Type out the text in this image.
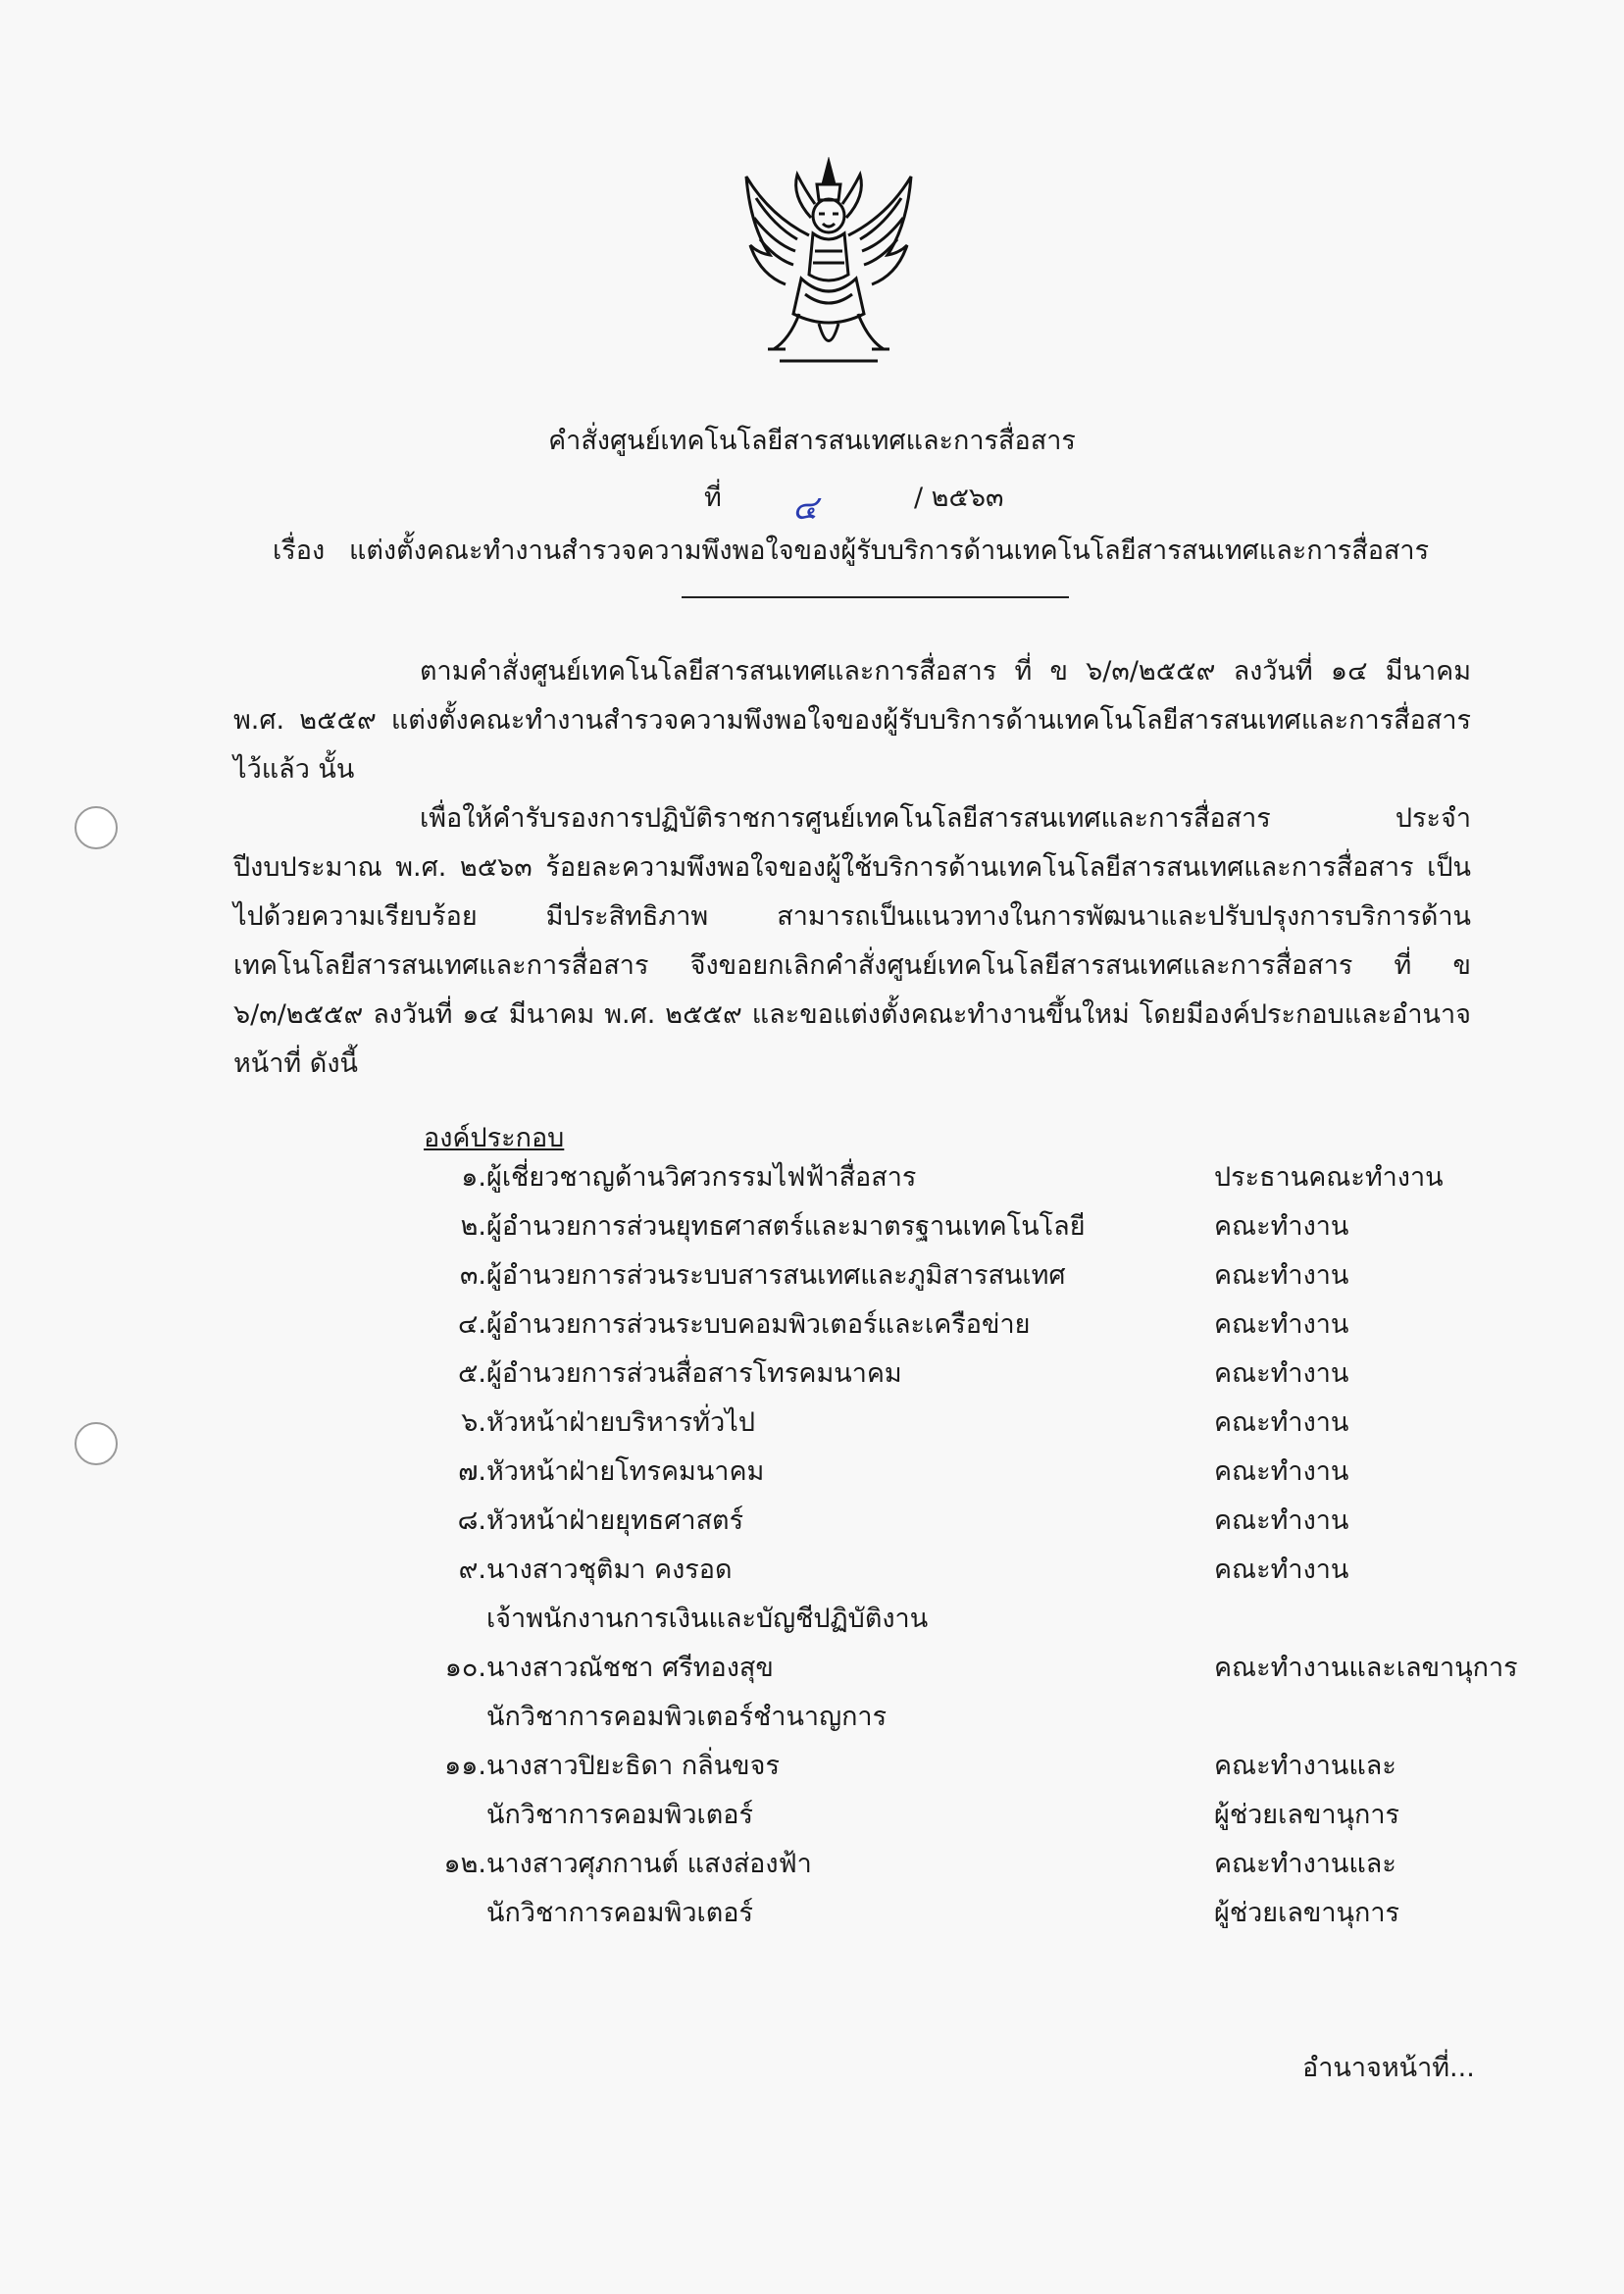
คำสั่งศูนย์เทคโนโลยีสารสนเทศและการสื่อสาร
ที่ ๔	/ ๒๕๖๓
เรื่อง แต่งตั้งคณะทำงานสำรวจความพึงพอใจของผู้รับบริการด้านเทคโนโลยีสารสนเทศและการสื่อสาร

ตามคำสั่งศูนย์เทคโนโลยีสารสนเทศและการสื่อสาร ที่ ข ๖/๓/๒๕๕๙ ลงวันที่ ๑๔ มีนาคม พ.ศ. ๒๕๕๙ แต่งตั้งคณะทำงานสำรวจความพึงพอใจของผู้รับบริการด้านเทคโนโลยีสารสนเทศและการสื่อสาร ไว้แล้ว นั้น

เพื่อให้คำรับรองการปฏิบัติราชการศูนย์เทคโนโลยีสารสนเทศและการสื่อสาร ประจำปีงบประมาณ พ.ศ. ๒๕๖๓ ร้อยละความพึงพอใจของผู้ใช้บริการด้านเทคโนโลยีสารสนเทศและการสื่อสาร เป็นไปด้วยความเรียบร้อย มีประสิทธิภาพ สามารถเป็นแนวทางในการพัฒนาและปรับปรุงการบริการด้านเทคโนโลยีสารสนเทศและการสื่อสาร จึงขอยกเลิกคำสั่งศูนย์เทคโนโลยีสารสนเทศและการสื่อสาร ที่ ข ๖/๓/๒๕๕๙ ลงวันที่ ๑๔ มีนาคม พ.ศ. ๒๕๕๙ และขอแต่งตั้งคณะทำงานขึ้นใหม่ โดยมีองค์ประกอบและอำนาจหน้าที่ ดังนี้

องค์ประกอบ
๑. ผู้เชี่ยวชาญด้านวิศวกรรมไฟฟ้าสื่อสาร	ประธานคณะทำงาน
๒. ผู้อำนวยการส่วนยุทธศาสตร์และมาตรฐานเทคโนโลยี	คณะทำงาน
๓. ผู้อำนวยการส่วนระบบสารสนเทศและภูมิสารสนเทศ	คณะทำงาน
๔. ผู้อำนวยการส่วนระบบคอมพิวเตอร์และเครือข่าย	คณะทำงาน
๕. ผู้อำนวยการส่วนสื่อสารโทรคมนาคม	คณะทำงาน
๖. หัวหน้าฝ่ายบริหารทั่วไป	คณะทำงาน
๗. หัวหน้าฝ่ายโทรคมนาคม	คณะทำงาน
๘. หัวหน้าฝ่ายยุทธศาสตร์	คณะทำงาน
๙. นางสาวชุติมา คงรอด	คณะทำงาน
เจ้าพนักงานการเงินและบัญชีปฏิบัติงาน
๑๐. นางสาวณัชชา ศรีทองสุข	คณะทำงานและเลขานุการ
นักวิชาการคอมพิวเตอร์ชำนาญการ
๑๑. นางสาวปิยะธิดา กลิ่นขจร	คณะทำงานและ
นักวิชาการคอมพิวเตอร์	ผู้ช่วยเลขานุการ
๑๒. นางสาวศุภกานต์ แสงส่องฟ้า	คณะทำงานและ
นักวิชาการคอมพิวเตอร์	ผู้ช่วยเลขานุการ
อำนาจหน้าที่...
